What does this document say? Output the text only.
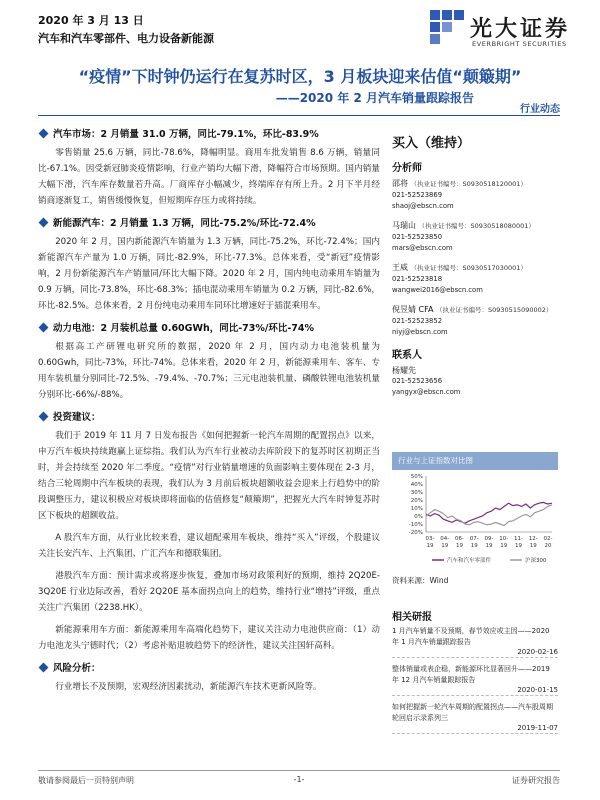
2020 年 3 月 13 日
汽车和汽车零部件、电力设备新能源	光大证券
EVERBRIGHT SECURITIES
“疫情”下时钟仍运行在复苏时区，3 月板块迎来估值“颠簸期”
——2020 年 2 月汽车销量跟踪报告
行业动态
汽车市场：2 月销量 31.0 万辆，同比-79.1%，环比-83.9%

零售销量 25.6 万辆，同比-78.6%，降幅明显。商用车批发销售 8.6 万辆，销量同比-67.1%。因受新冠肺炎疫情影响，行业产销均大幅下滑，降幅符合市场预期。国内销量大幅下滑，汽车库存数量若升高。厂商库存小幅减少，终端库存有所上升。2 月下半月经销商逐渐复工，销售缓慢恢复，但短期库存压力或将持续。

新能源汽车：2 月销量 1.3 万辆，同比-75.2%/环比-72.4%

2020 年 2 月，国内新能源汽车销量为 1.3 万辆，同比-75.2%，环比-72.4%；国内新能源汽车产量为 1.0 万辆，同比-82.9%，环比-77.3%。总体来看，受“新冠”疫情影响，2 月份新能源汽车产销量同/环比大幅下降。2020 年 2 月，国内纯电动乘用车销量为 0.9 万辆，同比-73.8%，环比-68.3%；插电混动乘用车销量为 0.2 万辆，同比-82.6%，环比-82.5%。总体来看，2 月份纯电动乘用车同环比增速好于插混乘用车。

动力电池：2 月装机总量 0.60GWh，同比-73%/环比-74%

根据高工产研锂电研究所的数据，2020 年 2 月，国内动力电池装机量为 0.60Gwh，同比-73%，环比-74%。总体来看，2020 年 2 月，新能源乘用车、客车、专用车装机量分别同比-72.5%、-79.4%、-70.7%；三元电池装机量、磷酸铁锂电池装机量分别环比-66%/-88%。

投资建议：

我们于 2019 年 11 月 7 日发布报告《如何把握新一轮汽车周期的配置拐点》以来，申万汽车板块持续跑赢上证综指。我们认为汽车行业被动去库阶段下的复苏时区初期正当时，并会持续至 2020 年二季度。“疫情”对行业销量增速的负面影响主要体现在 2-3 月，结合三轮周期中汽车板块的表现，我们认为 3 月前后板块超额收益会迎来上行趋势中的阶段调整压力，建议积极应对板块即将面临的估值修复“颠簸期”，把握光大汽车时钟复苏时区下板块的超额收益。

A 股汽车方面，从行业比较来看，建议超配乘用车板块，维持“买入”评级，个股建议关注长安汽车、上汽集团、广汇汽车和德联集团。

港股汽车方面：预计需求或将逐步恢复，叠加市场对政策利好的预期，维持 2Q20E-3Q20E 行业边际改善，看好 2Q20E 基本面拐点向上的趋势，维持行业“增持”评级，重点关注广汽集团（2238.HK）。

新能源乘用车方面：新能源乘用车高端化趋势下，建议关注动力电池供应商：（1）动力电池龙头宁德时代；（2）考虑补贴退坡趋势下的经济性，建议关注国轩高科。

风险分析：

行业增长不及预期，宏观经济因素扰动，新能源汽车技术更新风险等。

买入（维持）
分析师
邵将 （执业证书编号：S0930518120001）
021-52523869
shaoj@ebscn.com
马瑞山 （执业证书编号：S0930518080001）
021-52523850
mars@ebscn.com
王威 （执业证书编号：S0930517030001）
021-52523818
wangwei2016@ebscn.com
倪昱婧 CFA （执业证书编号：S0930515090002）
021-52523852
niyj@ebscn.com
联系人
杨耀先
021-52523656
yangyx@ebscn.com
行业与上证指数对比图
50%
40%
30%
20%
10%
0%
-10%
-20%
03-
19
04-
19
06-
19
07-
19
09-
19
10-
19
11-
19
12-
19
02-
20
汽车和汽车零部件	沪深300
资料来源：Wind
相关研报
1 月汽车销量不及预期，春节效应或主因——2020 年 1 月汽车销量跟踪报告
2020-02-16
整体销量或表企稳，新能源环比显著回升——2019 年 12 月汽车销量跟踪报告
2020-01-15
如何把握新一轮汽车周期的配置拐点——汽车股周期轮回启示录系列三
2019-11-07
敬请参阅最后一页特别声明	-1-	证券研究报告
